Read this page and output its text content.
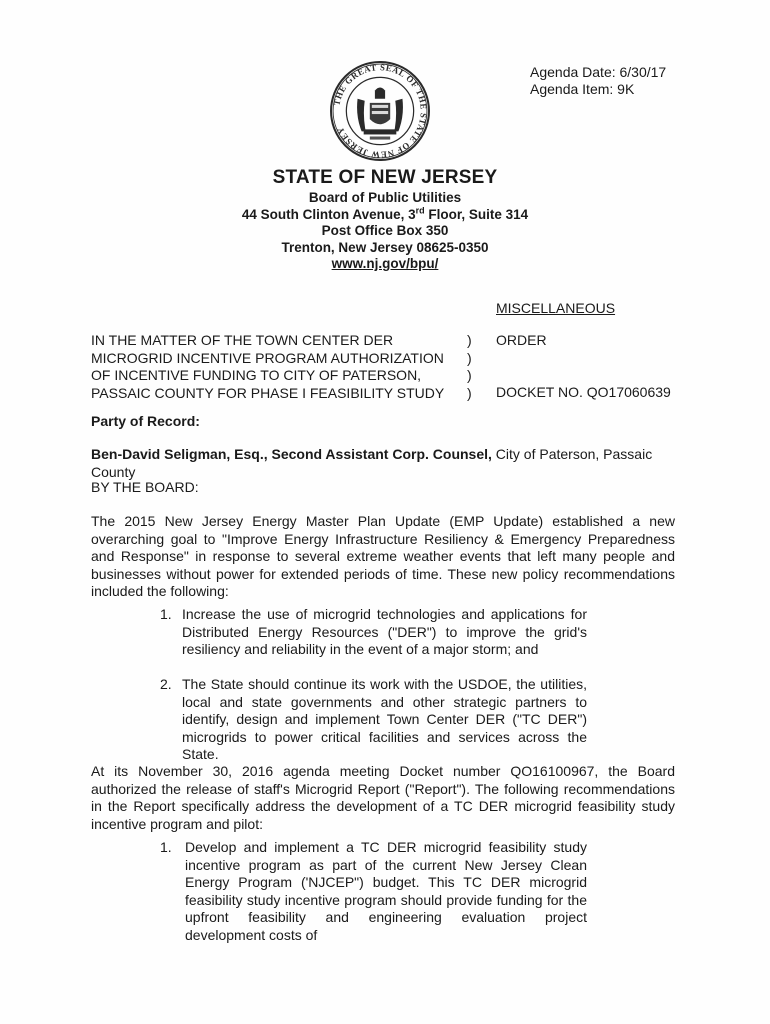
THE GREAT SEAL OF THE STATE OF NEW JERSEY
Agenda Date: 6/30/17
Agenda Item: 9K
STATE OF NEW JERSEY
Board of Public Utilities
44 South Clinton Avenue, 3rd Floor, Suite 314
Post Office Box 350
Trenton, New Jersey 08625-0350
www.nj.gov/bpu/
MISCELLANEOUS
IN THE MATTER OF THE TOWN CENTER DER
MICROGRID INCENTIVE PROGRAM AUTHORIZATION
OF INCENTIVE FUNDING TO CITY OF PATERSON,
PASSAIC COUNTY FOR PHASE I FEASIBILITY STUDY
)
)
)
)
ORDER
DOCKET NO. QO17060639
Party of Record:
Ben-David Seligman, Esq., Second Assistant Corp. Counsel, City of Paterson, Passaic County
BY THE BOARD:
The 2015 New Jersey Energy Master Plan Update (EMP Update) established a new overarching goal to "Improve Energy Infrastructure Resiliency & Emergency Preparedness and Response" in response to several extreme weather events that left many people and businesses without power for extended periods of time. These new policy recommendations included the following:
1. Increase the use of microgrid technologies and applications for Distributed Energy Resources ("DER") to improve the grid's resiliency and reliability in the event of a major storm; and
2. The State should continue its work with the USDOE, the utilities, local and state governments and other strategic partners to identify, design and implement Town Center DER ("TC DER") microgrids to power critical facilities and services across the State.
At its November 30, 2016 agenda meeting Docket number QO16100967, the Board authorized the release of staff's Microgrid Report ("Report"). The following recommendations in the Report specifically address the development of a TC DER microgrid feasibility study incentive program and pilot:
1. Develop and implement a TC DER microgrid feasibility study incentive program as part of the current New Jersey Clean Energy Program ('NJCEP") budget. This TC DER microgrid feasibility study incentive program should provide funding for the upfront feasibility and engineering evaluation project development costs of
